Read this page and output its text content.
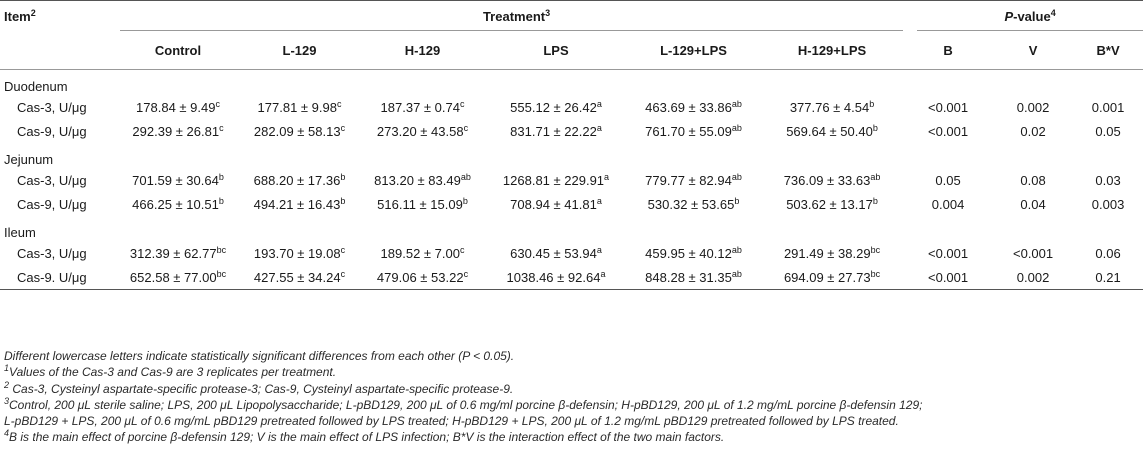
Item$^2$	Treatment$^3$						P-value$^4$
	Control	L-129	H-129	LPS	L-129+LPS	H-129+LPS	B	V	B*V
Duodenum									
Cas-3, U/μg	178.84 ± 9.49$^c$	177.81 ± 9.98$^c$	187.37 ± 0.74$^c$	555.12 ± 26.42$^a$	463.69 ± 33.86$^{ab}$	377.76 ± 4.54$^b$	<0.001	0.002	0.001
Cas-9, U/μg	292.39 ± 26.81$^c$	282.09 ± 58.13$^c$	273.20 ± 43.58$^c$	831.71 ± 22.22$^a$	761.70 ± 55.09$^{ab}$	569.64 ± 50.40$^b$	<0.001	0.02	0.05
Jejunum									
Cas-3, U/μg	701.59 ± 30.64$^b$	688.20 ± 17.36$^b$	813.20 ± 83.49$^{ab}$	1268.81 ± 229.91$^a$	779.77 ± 82.94$^{ab}$	736.09 ± 33.63$^{ab}$	0.05	0.08	0.03
Cas-9, U/μg	466.25 ± 10.51$^b$	494.21 ± 16.43$^b$	516.11 ± 15.09$^b$	708.94 ± 41.81$^a$	530.32 ± 53.65$^b$	503.62 ± 13.17$^b$	0.004	0.04	0.003
Ileum									
Cas-3, U/μg	312.39 ± 62.77$^{bc}$	193.70 ± 19.08$^c$	189.52 ± 7.00$^c$	630.45 ± 53.94$^a$	459.95 ± 40.12$^{ab}$	291.49 ± 38.29$^{bc}$	<0.001	<0.001	0.06
Cas-9. U/μg	652.58 ± 77.00$^{bc}$	427.55 ± 34.24$^c$	479.06 ± 53.22$^c$	1038.46 ± 92.64$^a$	848.28 ± 31.35$^{ab}$	694.09 ± 27.73$^{bc}$	<0.001	0.002	0.21
Different lowercase letters indicate statistically significant differences from each other (P < 0.05).
$^1$Values of the Cas-3 and Cas-9 are 3 replicates per treatment.
$^2$ Cas-3, Cysteinyl aspartate-specific protease-3; Cas-9, Cysteinyl aspartate-specific protease-9.
$^3$Control, 200 μL sterile saline; LPS, 200 μL Lipopolysaccharide; L-pBD129, 200 μL of 0.6 mg/ml porcine β-defensin; H-pBD129, 200 μL of 1.2 mg/mL porcine β-defensin 129;
L-pBD129 + LPS, 200 μL of 0.6 mg/mL pBD129 pretreated followed by LPS treated; H-pBD129 + LPS, 200 μL of 1.2 mg/mL pBD129 pretreated followed by LPS treated.
$^4$B is the main effect of porcine β-defensin 129; V is the main effect of LPS infection; B*V is the interaction effect of the two main factors.
